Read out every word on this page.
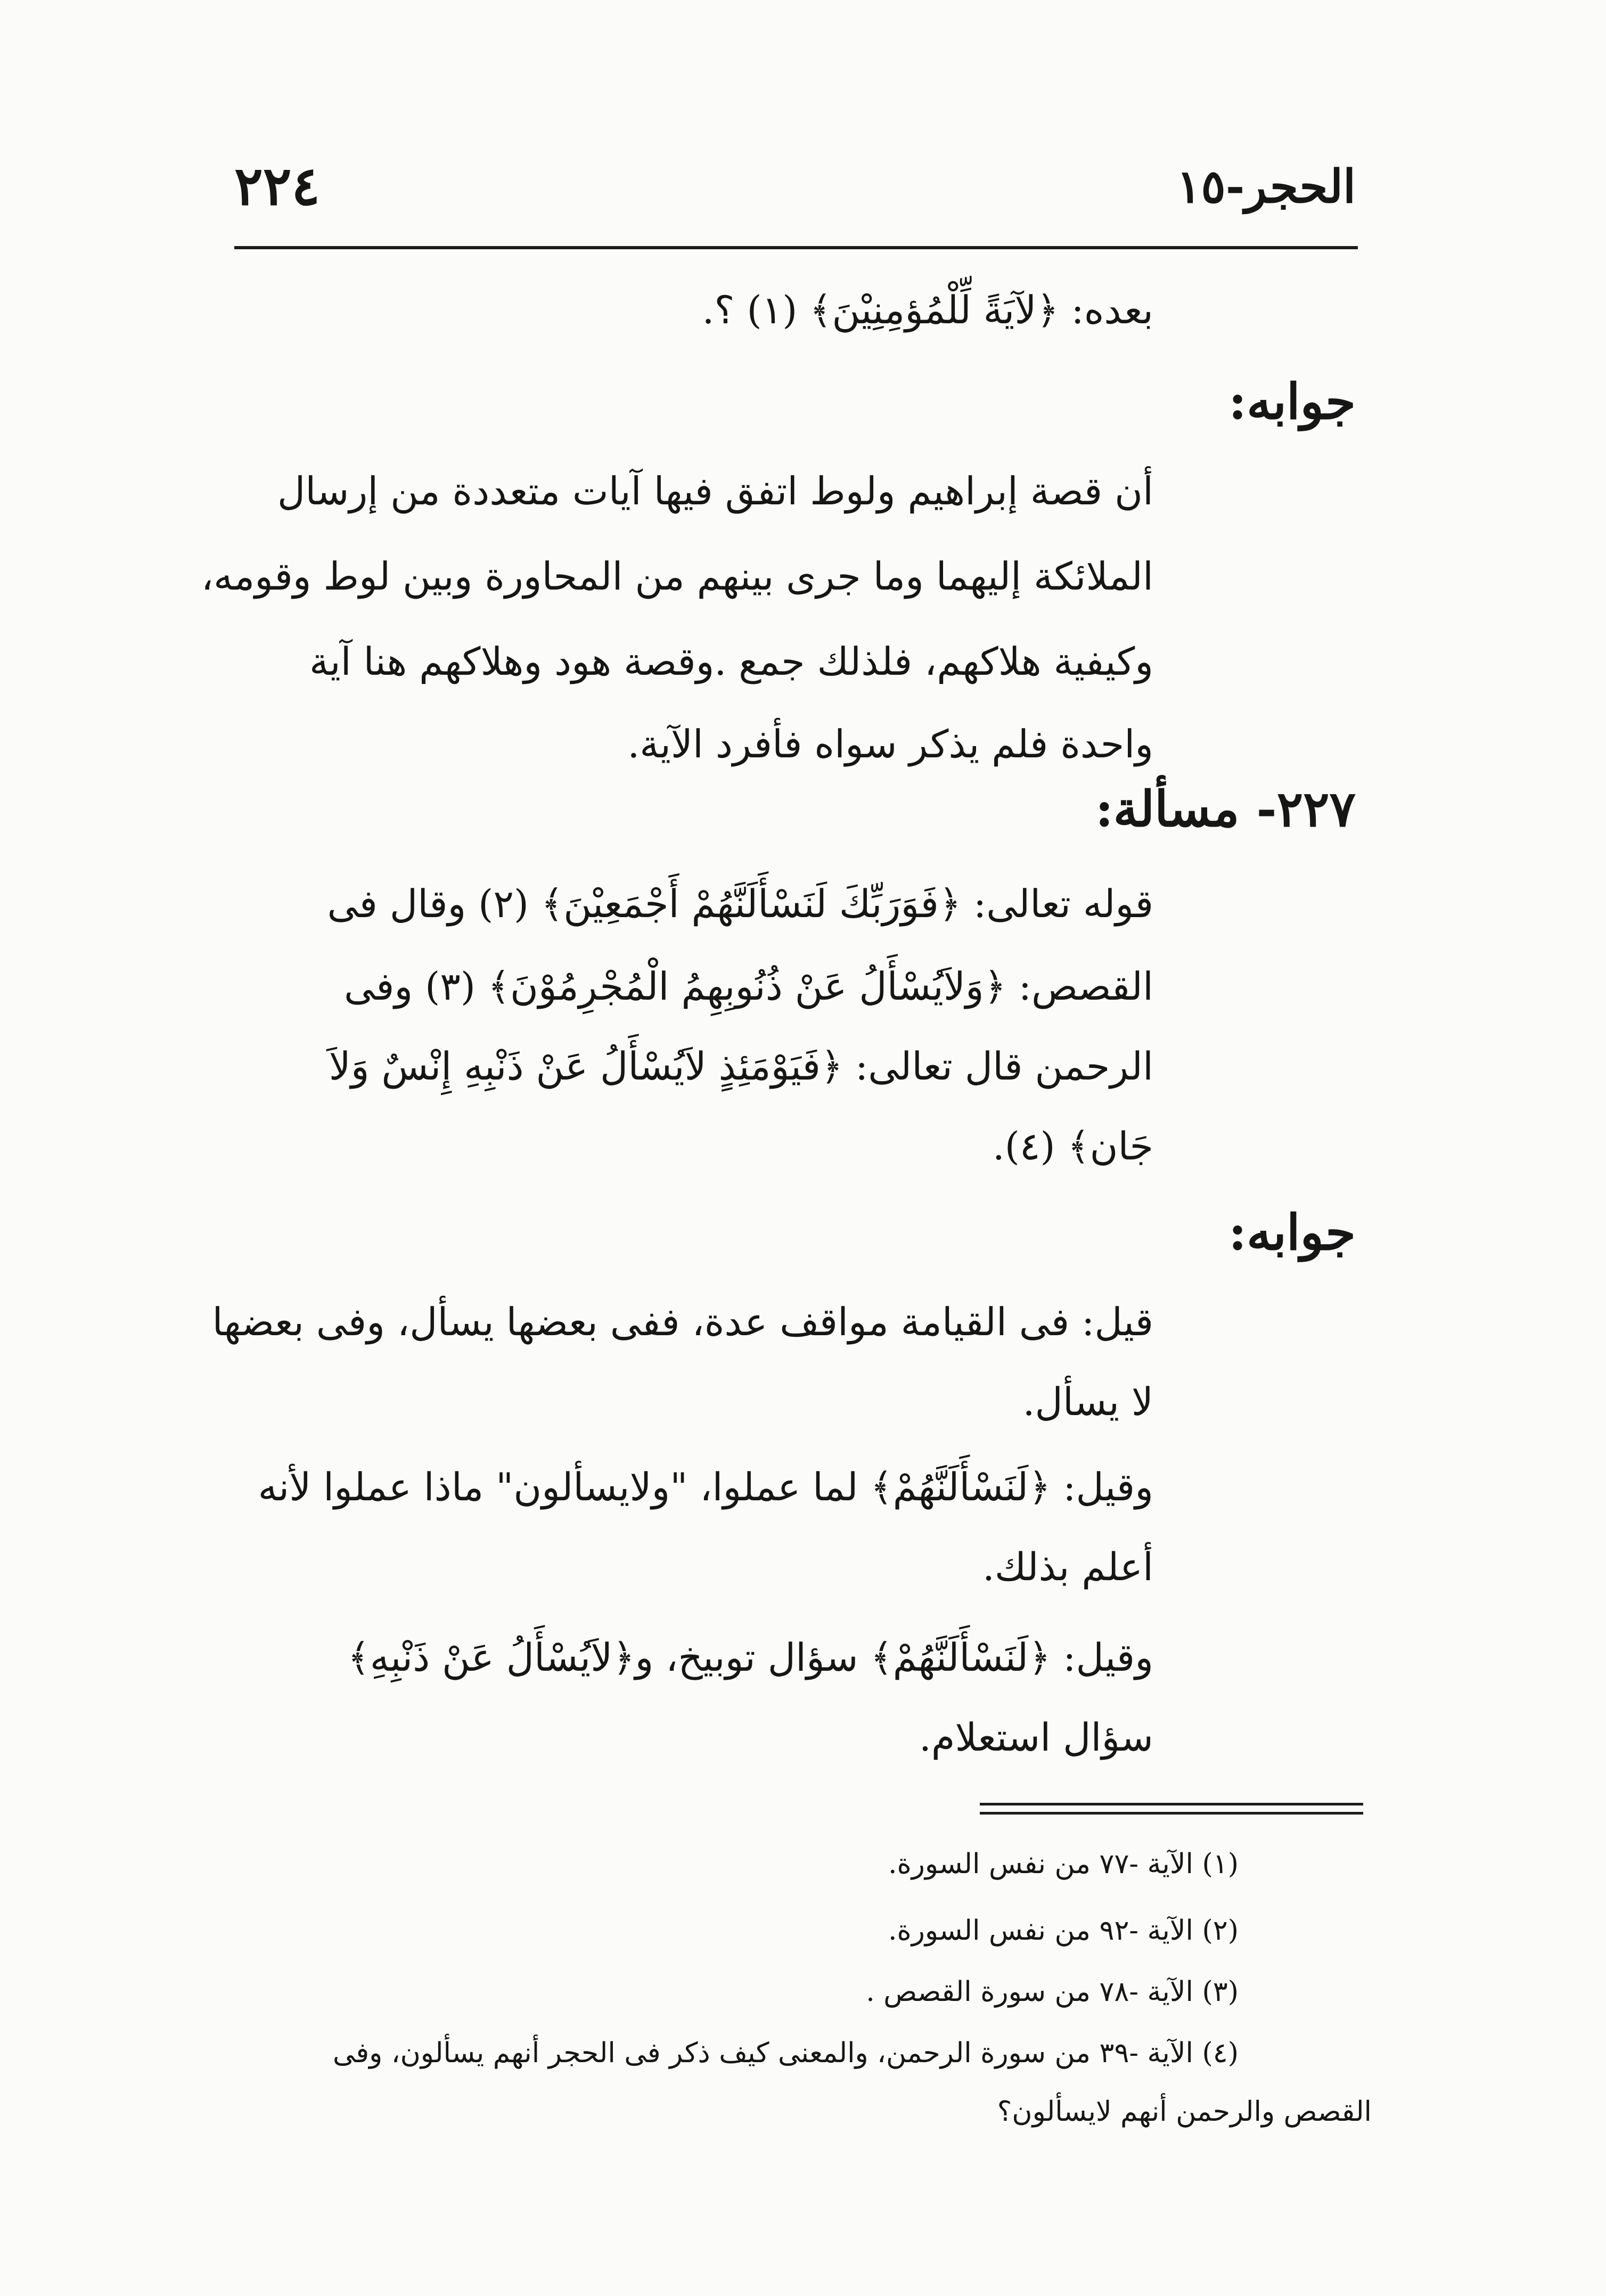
٢٢٤	الحجر-١٥
بعده: ﴿لآيَةً لِّلْمُؤمِنِيْنَ﴾ (١) ؟.
جوابه:
أن قصة إبراهيم ولوط اتفق فيها آيات متعددة من إرسال
الملائكة إليهما وما جرى بينهم من المحاورة وبين لوط وقومه،
وكيفية هلاكهم، فلذلك جمع .وقصة هود وهلاكهم هنا آية
واحدة فلم يذكر سواه فأفرد الآية.
٢٢٧- مسألة:
قوله تعالى: ﴿فَوَرَبِّكَ لَنَسْأَلَنَّهُمْ أَجْمَعِيْنَ﴾ (٢) وقال فى
القصص: ﴿وَلاَيُسْأَلُ عَنْ ذُنُوبِهِمُ الْمُجْرِمُوْنَ﴾ (٣) وفى
الرحمن قال تعالى: ﴿فَيَوْمَئِذٍ لاَيُسْأَلُ عَنْ ذَنْبِهِ إِنْسٌ وَلاَ
جَان﴾ (٤).
جوابه:
قيل: فى القيامة مواقف عدة، ففى بعضها يسأل، وفى بعضها
لا يسأل.
وقيل: ﴿لَنَسْأَلَنَّهُمْ﴾ لما عملوا، "ولايسألون" ماذا عملوا لأنه
أعلم بذلك.
وقيل: ﴿لَنَسْأَلَنَّهُمْ﴾ سؤال توبيخ، و﴿لاَيُسْأَلُ عَنْ ذَنْبِهِ﴾
سؤال استعلام.
(١) الآية -٧٧ من نفس السورة.
(٢) الآية -٩٢ من نفس السورة.
(٣) الآية -٧٨ من سورة القصص .
(٤) الآية -٣٩ من سورة الرحمن، والمعنى كيف ذكر فى الحجر أنهم يسألون، وفى
القصص والرحمن أنهم لايسألون؟
